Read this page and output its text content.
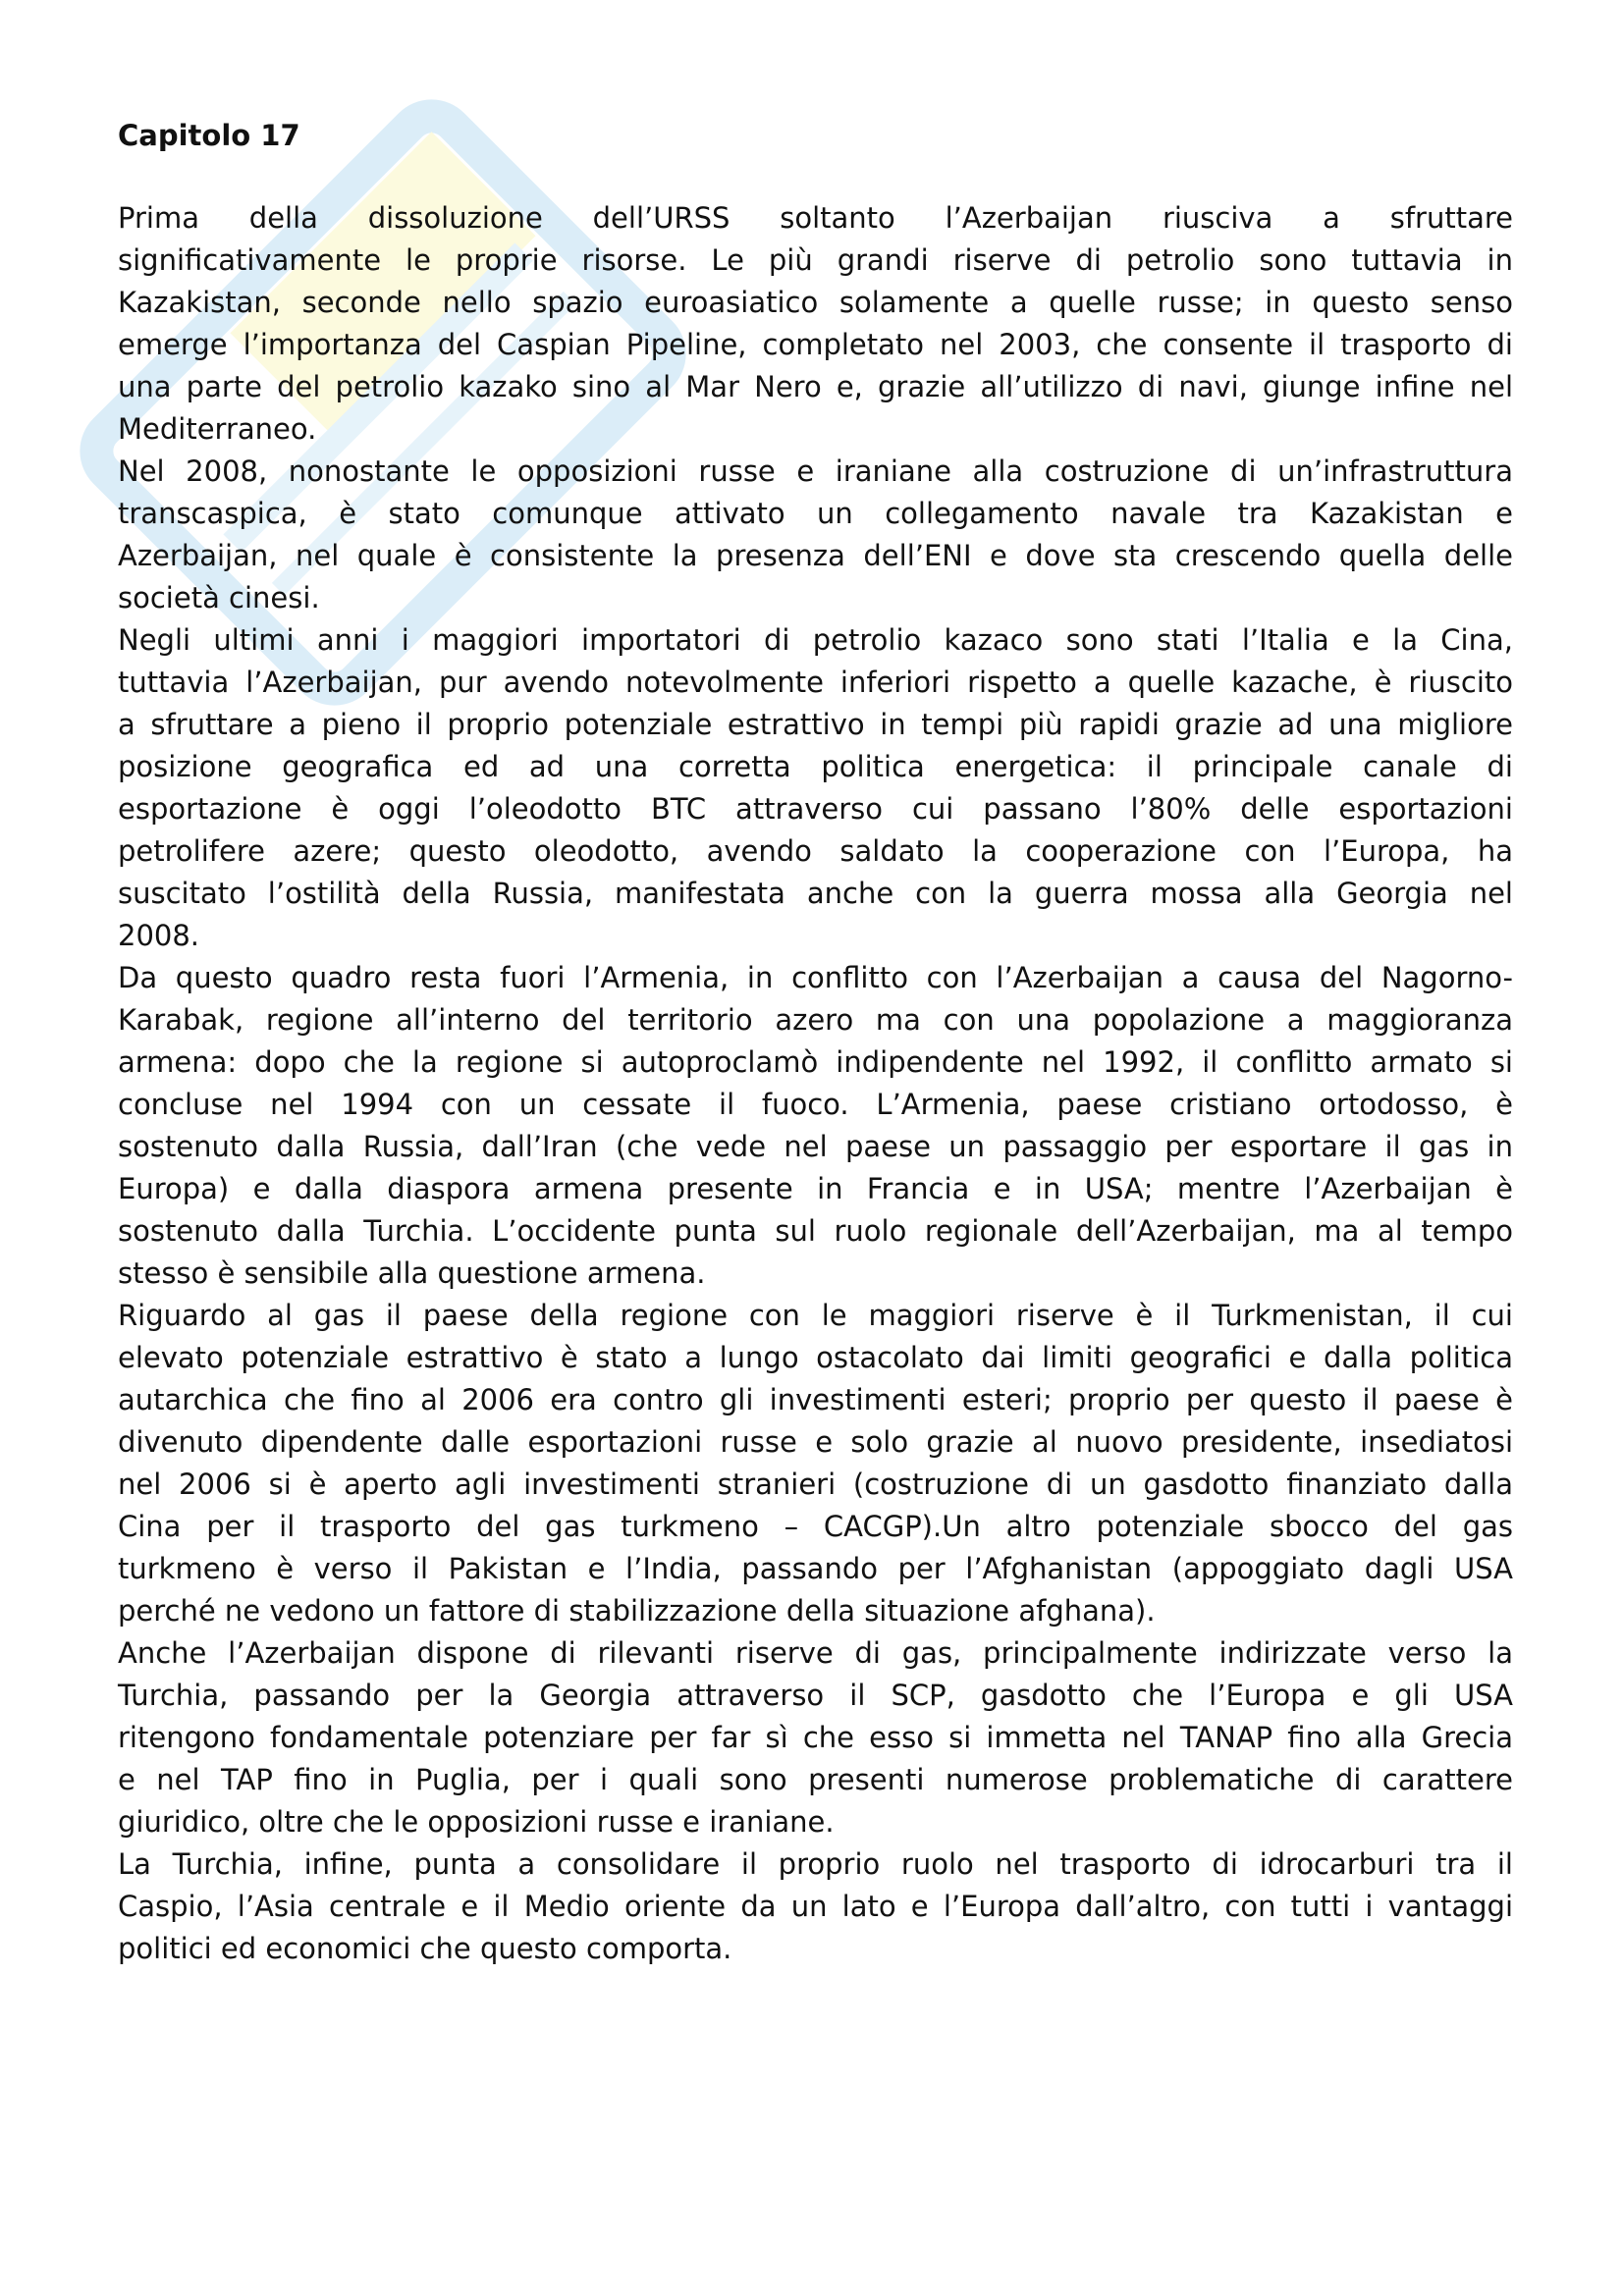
Capitolo 17
Prima della dissoluzione dell’URSS soltanto l’Azerbaijan riusciva a sfruttare
significativamente le proprie risorse. Le più grandi riserve di petrolio sono tuttavia in
Kazakistan, seconde nello spazio euroasiatico solamente a quelle russe; in questo senso
emerge l’importanza del Caspian Pipeline, completato nel 2003, che consente il trasporto di
una parte del petrolio kazako sino al Mar Nero e, grazie all’utilizzo di navi, giunge infine nel
Mediterraneo.
Nel 2008, nonostante le opposizioni russe e iraniane alla costruzione di un’infrastruttura
transcaspica, è stato comunque attivato un collegamento navale tra Kazakistan e
Azerbaijan, nel quale è consistente la presenza dell’ENI e dove sta crescendo quella delle
società cinesi.
Negli ultimi anni i maggiori importatori di petrolio kazaco sono stati l’Italia e la Cina,
tuttavia l’Azerbaijan, pur avendo notevolmente inferiori rispetto a quelle kazache, è riuscito
a sfruttare a pieno il proprio potenziale estrattivo in tempi più rapidi grazie ad una migliore
posizione geografica ed ad una corretta politica energetica: il principale canale di
esportazione è oggi l’oleodotto BTC attraverso cui passano l’80% delle esportazioni
petrolifere azere; questo oleodotto, avendo saldato la cooperazione con l’Europa, ha
suscitato l’ostilità della Russia, manifestata anche con la guerra mossa alla Georgia nel
2008.
Da questo quadro resta fuori l’Armenia, in conflitto con l’Azerbaijan a causa del Nagorno-
Karabak, regione all’interno del territorio azero ma con una popolazione a maggioranza
armena: dopo che la regione si autoproclamò indipendente nel 1992, il conflitto armato si
concluse nel 1994 con un cessate il fuoco. L’Armenia, paese cristiano ortodosso, è
sostenuto dalla Russia, dall’Iran (che vede nel paese un passaggio per esportare il gas in
Europa) e dalla diaspora armena presente in Francia e in USA; mentre l’Azerbaijan è
sostenuto dalla Turchia. L’occidente punta sul ruolo regionale dell’Azerbaijan, ma al tempo
stesso è sensibile alla questione armena.
Riguardo al gas il paese della regione con le maggiori riserve è il Turkmenistan, il cui
elevato potenziale estrattivo è stato a lungo ostacolato dai limiti geografici e dalla politica
autarchica che fino al 2006 era contro gli investimenti esteri; proprio per questo il paese è
divenuto dipendente dalle esportazioni russe e solo grazie al nuovo presidente, insediatosi
nel 2006 si è aperto agli investimenti stranieri (costruzione di un gasdotto finanziato dalla
Cina per il trasporto del gas turkmeno – CACGP).Un altro potenziale sbocco del gas
turkmeno è verso il Pakistan e l’India, passando per l’Afghanistan (appoggiato dagli USA
perché ne vedono un fattore di stabilizzazione della situazione afghana).
Anche l’Azerbaijan dispone di rilevanti riserve di gas, principalmente indirizzate verso la
Turchia, passando per la Georgia attraverso il SCP, gasdotto che l’Europa e gli USA
ritengono fondamentale potenziare per far sì che esso si immetta nel TANAP fino alla Grecia
e nel TAP fino in Puglia, per i quali sono presenti numerose problematiche di carattere
giuridico, oltre che le opposizioni russe e iraniane.
La Turchia, infine, punta a consolidare il proprio ruolo nel trasporto di idrocarburi tra il
Caspio, l’Asia centrale e il Medio oriente da un lato e l’Europa dall’altro, con tutti i vantaggi
politici ed economici che questo comporta.
